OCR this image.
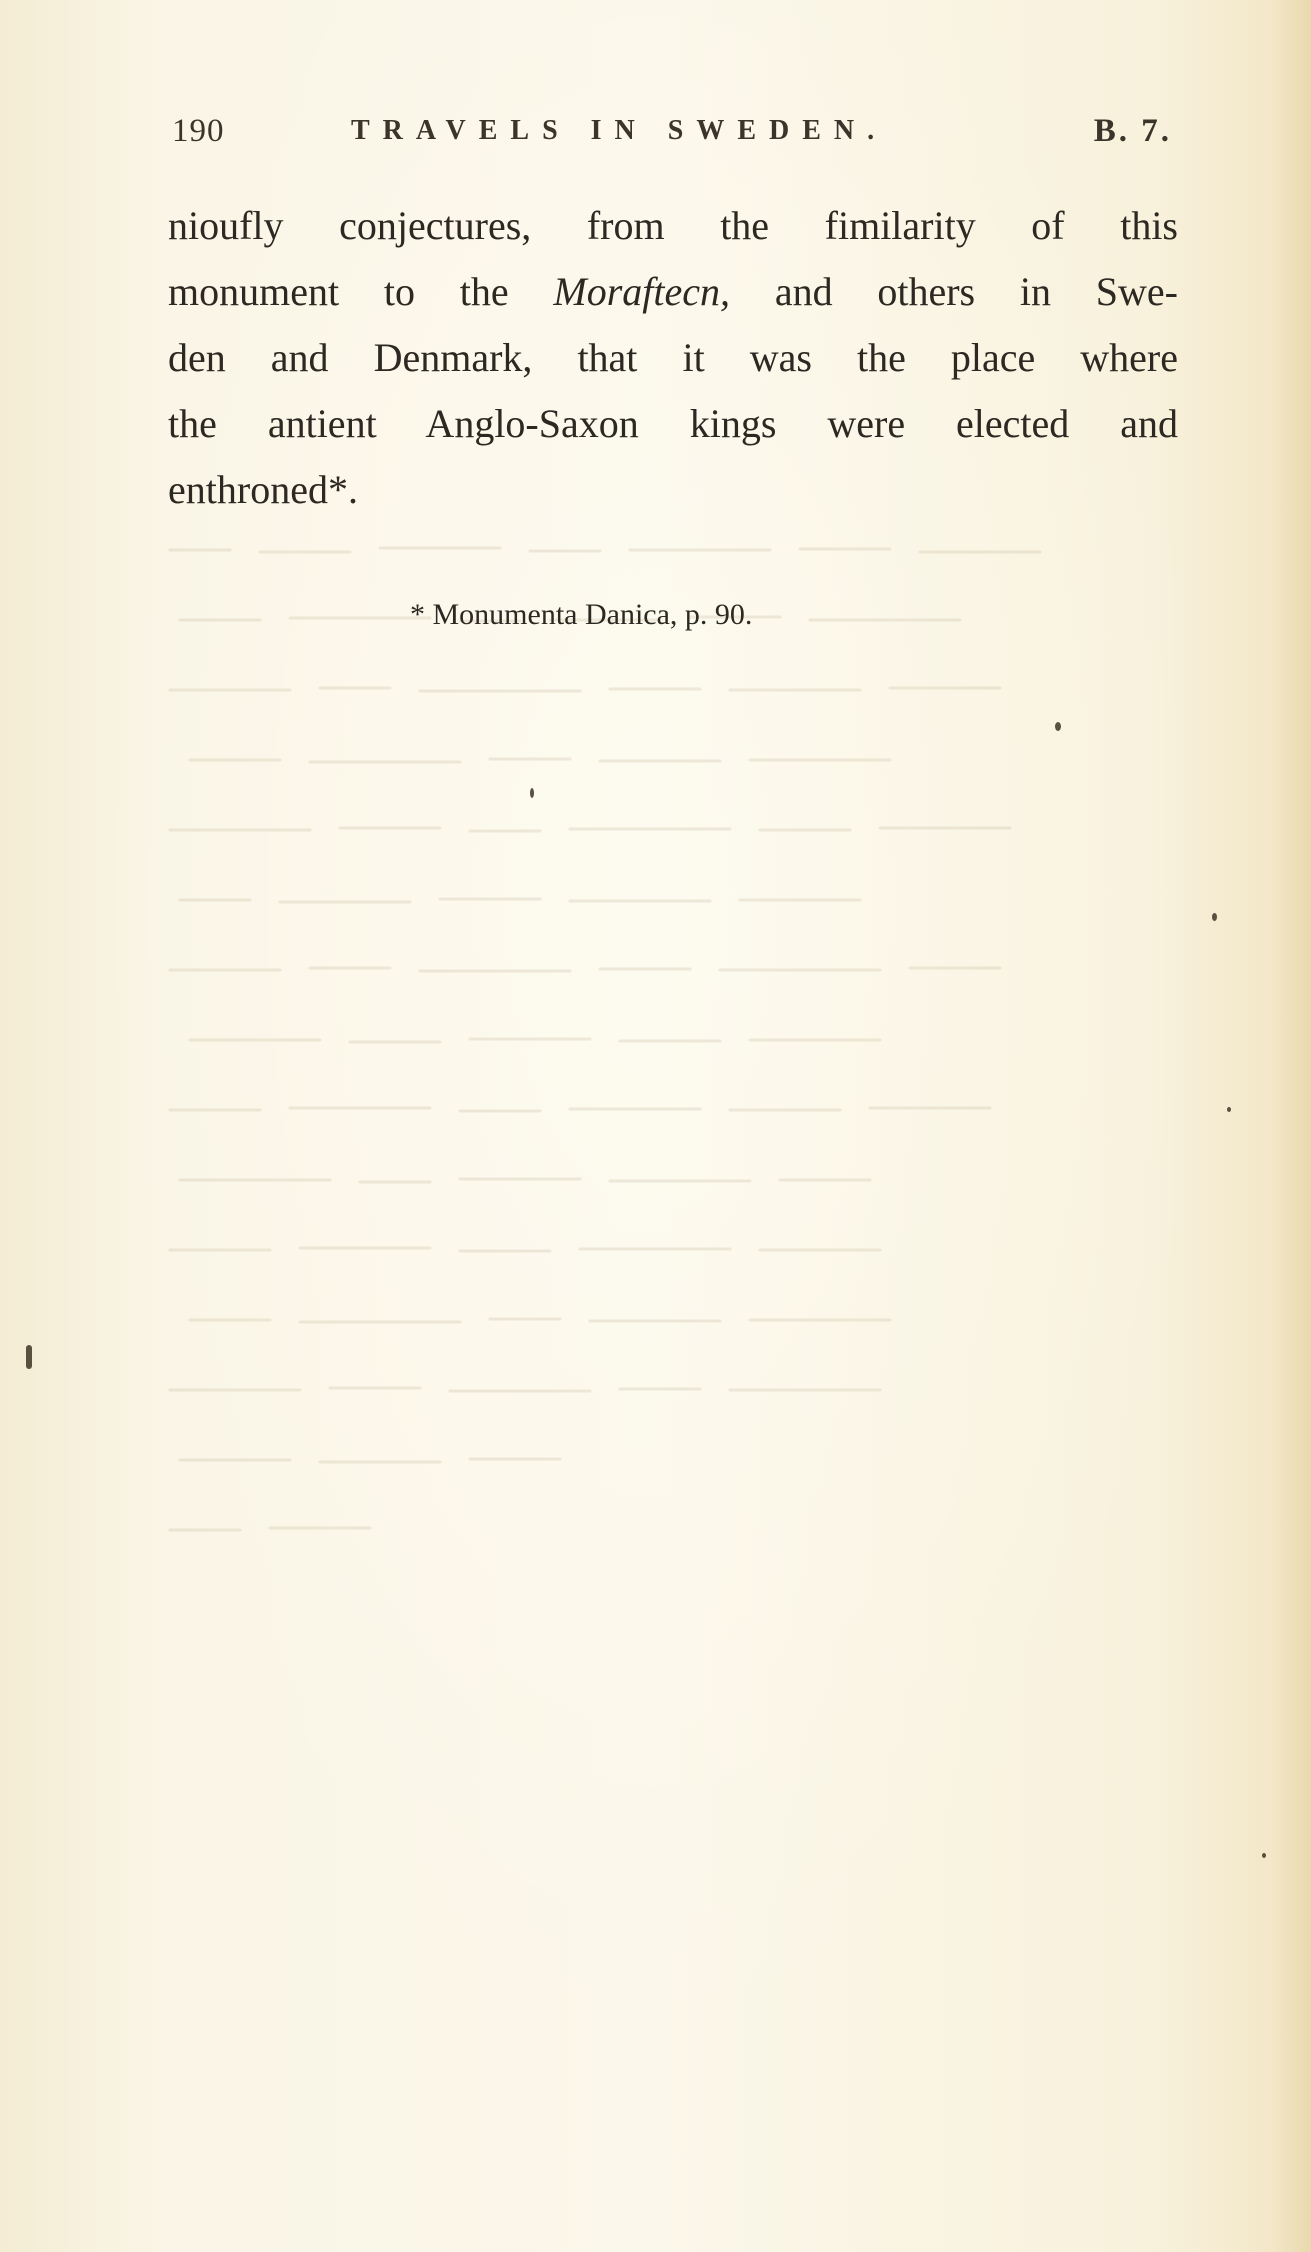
190	TRAVELS IN SWEDEN.	B. 7.
nioufly conjectures, from the fimilarity of this
monument to the Moraftecn, and others in Swe-
den and Denmark, that it was the place where
the antient Anglo-Saxon kings were elected and
enthroned*.
* Monumenta Danica, p. 90.
